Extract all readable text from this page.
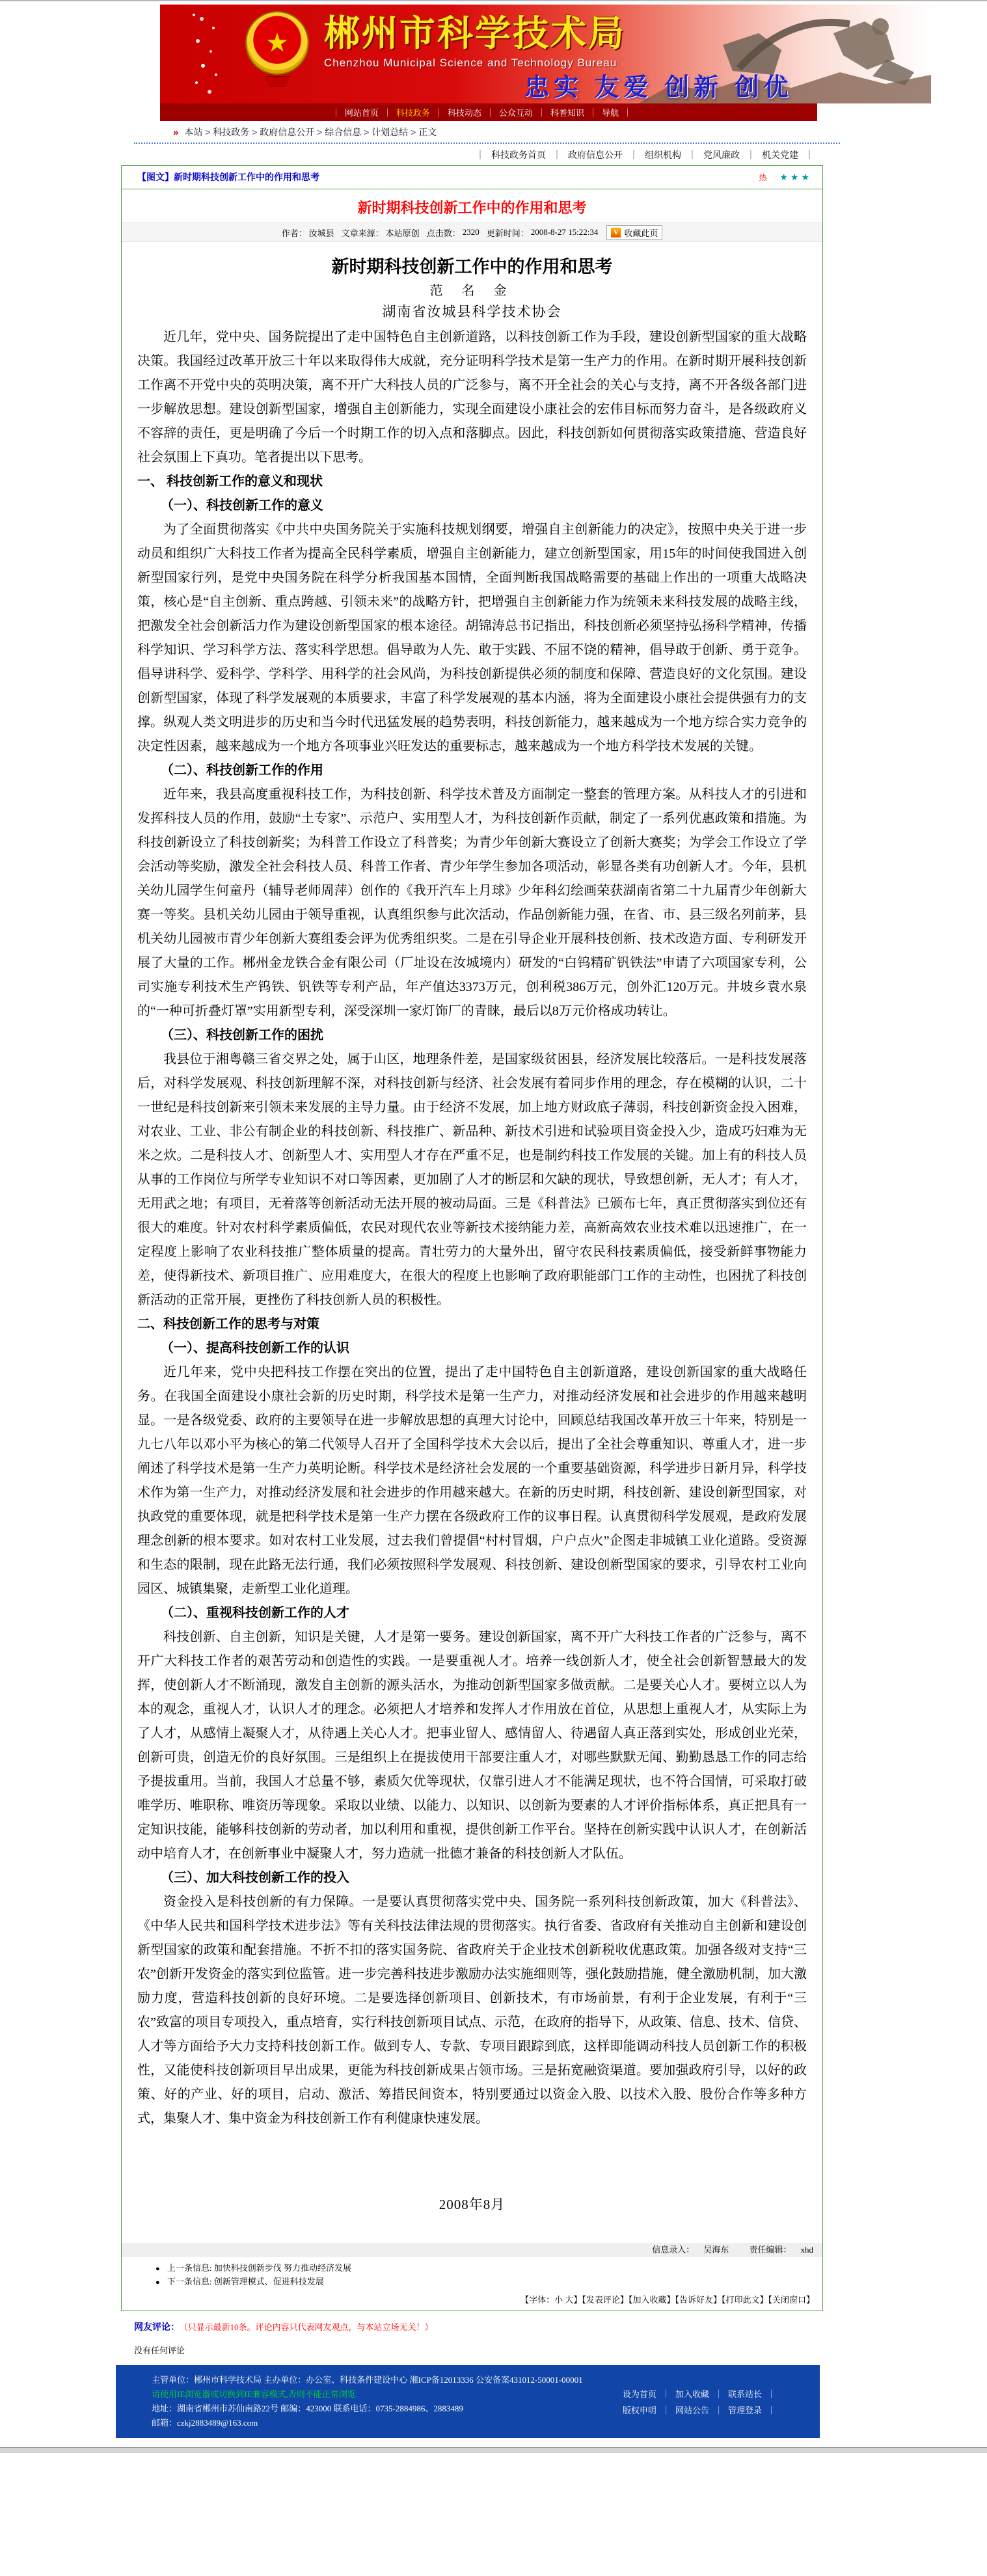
★ 郴州市科学技术局
Chenzhou Municipal Science and Technology Bureau
忠实 友爱 创新 创优
｜ 网站首页	｜ 科技政务	｜ 科技动态	｜ 公众互动	｜ 科普知识	｜ 导航 ｜
» 本站 > 科技政务 > 政府信息公开 > 综合信息 > 计划总结 > 正文
｜ 科技政务首页 ｜ 政府信息公开 ｜ 组织机构 ｜ 党风廉政 ｜ 机关党建 ｜
【图文】新时期科技创新工作中的作用和思考	热 ★★★
新时期科技创新工作中的作用和思考
作者： 汝城县 文章来源： 本站原创 点击数： 2320 更新时间： 2008-8-27 15:22:34	V 收藏此页
新时期科技创新工作中的作用和思考
范 名 金
湖南省汝城县科学技术协会
近几年，党中央、国务院提出了走中国特色自主创新道路，以科技创新工作为手段，建设创新型国家的重大战略决策。我国经过改革开放三十年以来取得伟大成就，充分证明科学技术是第一生产力的作用。在新时期开展科技创新工作离不开党中央的英明决策，离不开广大科技人员的广泛参与，离不开全社会的关心与支持，离不开各级各部门进一步解放思想。建设创新型国家，增强自主创新能力，实现全面建设小康社会的宏伟目标而努力奋斗，是各级政府义不容辞的责任，更是明确了今后一个时期工作的切入点和落脚点。因此，科技创新如何贯彻落实政策措施、营造良好社会氛围上下真功。笔者提出以下思考。
一、 科技创新工作的意义和现状
（一）、科技创新工作的意义
为了全面贯彻落实《中共中央国务院关于实施科技规划纲要，增强自主创新能力的决定》，按照中央关于进一步动员和组织广大科技工作者为提高全民科学素质，增强自主创新能力，建立创新型国家，用15年的时间使我国进入创新型国家行列，是党中央国务院在科学分析我国基本国情，全面判断我国战略需要的基础上作出的一项重大战略决策，核心是“自主创新、重点跨越、引领未来”的战略方针，把增强自主创新能力作为统领未来科技发展的战略主线，把激发全社会创新活力作为建设创新型国家的根本途径。胡锦涛总书记指出，科技创新必须坚持弘扬科学精神，传播科学知识、学习科学方法、落实科学思想。倡导敢为人先、敢于实践、不屈不饶的精神，倡导敢于创新、勇于竞争。倡导讲科学、爱科学、学科学、用科学的社会风尚，为科技创新提供必须的制度和保障、营造良好的文化氛围。建设创新型国家，体现了科学发展观的本质要求，丰富了科学发展观的基本内涵，将为全面建设小康社会提供强有力的支撑。纵观人类文明进步的历史和当今时代迅猛发展的趋势表明，科技创新能力，越来越成为一个地方综合实力竞争的决定性因素，越来越成为一个地方各项事业兴旺发达的重要标志，越来越成为一个地方科学技术发展的关键。
（二）、科技创新工作的作用
近年来，我县高度重视科技工作，为科技创新、科学技术普及方面制定一整套的管理方案。从科技人才的引进和发挥科技人员的作用，鼓励“土专家”、示范户、实用型人才，为科技创新作贡献，制定了一系列优惠政策和措施。为科技创新设立了科技创新奖；为科普工作设立了科普奖；为青少年创新大赛设立了创新大赛奖；为学会工作设立了学会活动等奖励，激发全社会科技人员、科普工作者、青少年学生参加各项活动，彰显各类有功创新人才。今年，县机关幼儿园学生何童丹（辅导老师周萍）创作的《我开汽车上月球》少年科幻绘画荣获湖南省第二十九届青少年创新大赛一等奖。县机关幼儿园由于领导重视，认真组织参与此次活动，作品创新能力强，在省、市、县三级名列前茅，县机关幼儿园被市青少年创新大赛组委会评为优秀组织奖。二是在引导企业开展科技创新、技术改造方面、专利研发开展了大量的工作。郴州金龙铁合金有限公司（厂址设在汝城境内）研发的“白钨精矿钒铁法”申请了六项国家专利，公司实施专利技术生产钨铁、钒铁等专利产品，年产值达3373万元，创利税386万元，创外汇120万元。井坡乡袁水泉的“一种可折叠灯罩”实用新型专利，深受深圳一家灯饰厂的青睐，最后以8万元价格成功转让。
（三）、科技创新工作的困扰
我县位于湘粤赣三省交界之处，属于山区，地理条件差，是国家级贫困县，经济发展比较落后。一是科技发展落后，对科学发展观、科技创新理解不深，对科技创新与经济、社会发展有着同步作用的理念，存在模糊的认识，二十一世纪是科技创新来引领未来发展的主导力量。由于经济不发展，加上地方财政底子薄弱，科技创新资金投入困难，对农业、工业、非公有制企业的科技创新、科技推广、新品种、新技术引进和试验项目资金投入少，造成巧妇难为无米之炊。二是科技人才、创新型人才、实用型人才存在严重不足，也是制约科技工作发展的关键。加上有的科技人员从事的工作岗位与所学专业知识不对口等因素，更加剧了人才的断层和欠缺的现状，导致想创新，无人才；有人才，无用武之地；有项目，无着落等创新活动无法开展的被动局面。三是《科普法》已颁布七年，真正贯彻落实到位还有很大的难度。针对农村科学素质偏低，农民对现代农业等新技术接纳能力差，高新高效农业技术难以迅速推广，在一定程度上影响了农业科技推广整体质量的提高。青壮劳力的大量外出，留守农民科技素质偏低，接受新鲜事物能力差，使得新技术、新项目推广、应用难度大，在很大的程度上也影响了政府职能部门工作的主动性，也困扰了科技创新活动的正常开展，更挫伤了科技创新人员的积极性。
二、科技创新工作的思考与对策
（一）、提高科技创新工作的认识
近几年来，党中央把科技工作摆在突出的位置，提出了走中国特色自主创新道路，建设创新国家的重大战略任务。在我国全面建设小康社会新的历史时期，科学技术是第一生产力，对推动经济发展和社会进步的作用越来越明显。一是各级党委、政府的主要领导在进一步解放思想的真理大讨论中，回顾总结我国改革开放三十年来，特别是一九七八年以邓小平为核心的第二代领导人召开了全国科学技术大会以后，提出了全社会尊重知识、尊重人才，进一步阐述了科学技术是第一生产力英明论断。科学技术是经济社会发展的一个重要基础资源，科学进步日新月异，科学技术作为第一生产力，对推动经济发展和社会进步的作用越来越大。在新的历史时期，科技创新、建设创新型国家，对执政党的重要体现，就是把科学技术是第一生产力摆在各级政府工作的议事日程。认真贯彻科学发展观，是政府发展理念创新的根本要求。如对农村工业发展，过去我们曾提倡“村村冒烟，户户点火”企图走非城镇工业化道路。受资源和生态的限制，现在此路无法行通，我们必须按照科学发展观、科技创新、建设创新型国家的要求，引导农村工业向园区、城镇集聚，走新型工业化道理。
（二）、重视科技创新工作的人才
科技创新、自主创新，知识是关键，人才是第一要务。建设创新国家，离不开广大科技工作者的广泛参与，离不开广大科技工作者的艰苦劳动和创造性的实践。一是要重视人才。培养一线创新人才，使全社会创新智慧最大的发挥，使创新人才不断涌现，激发自主创新的源头活水，为推动创新型国家多做贡献。二是要关心人才。要树立以人为本的观念，重视人才，认识人才的理念。必须把人才培养和发挥人才作用放在首位，从思想上重视人才，从实际上为了人才，从感情上凝聚人才，从待遇上关心人才。把事业留人、感情留人、待遇留人真正落到实处，形成创业光荣，创新可贵，创造无价的良好氛围。三是组织上在提拔使用干部要注重人才，对哪些默默无闻、勤勤恳恳工作的同志给予提拔重用。当前，我国人才总量不够，素质欠优等现状，仅靠引进人才不能满足现状，也不符合国情，可采取打破唯学历、唯职称、唯资历等现象。采取以业绩、以能力、以知识、以创新为要素的人才评价指标体系，真正把具有一定知识技能，能够科技创新的劳动者，加以利用和重视，提供创新工作平台。坚持在创新实践中认识人才，在创新活动中培育人才，在创新事业中凝聚人才，努力造就一批德才兼备的科技创新人才队伍。
（三）、加大科技创新工作的投入
资金投入是科技创新的有力保障。一是要认真贯彻落实党中央、国务院一系列科技创新政策，加大《科普法》、《中华人民共和国科学技术进步法》等有关科技法律法规的贯彻落实。执行省委、省政府有关推动自主创新和建设创新型国家的政策和配套措施。不折不扣的落实国务院、省政府关于企业技术创新税收优惠政策。加强各级对支持“三农”创新开发资金的落实到位监管。进一步完善科技进步激励办法实施细则等，强化鼓励措施，健全激励机制，加大激励力度，营造科技创新的良好环境。二是要选择创新项目、创新技术，有市场前景，有利于企业发展，有利于“三农”致富的项目专项投入，重点培育，实行科技创新项目试点、示范，在政府的指导下，从政策、信息、技术、信贷、人才等方面给予大力支持科技创新工作。做到专人、专款、专项目跟踪到底，这样即能调动科技人员创新工作的积极性，又能使科技创新项目早出成果，更能为科技创新成果占领市场。三是拓宽融资渠道。要加强政府引导，以好的政策、好的产业、好的项目，启动、激活、筹措民间资本，特别要通过以资金入股、以技术入股、股份合作等多种方式，集聚人才、集中资金为科技创新工作有利健康快速发展。
2008年8月
信息录入： 吴海东 责任编辑： xhd
● 上一条信息: 加快科技创新步伐 努力推动经济发展
● 下一条信息: 创新管理模式、促进科技发展
【字体：小 大】【发表评论】【加入收藏】【告诉好友】【打印此文】【关闭窗口】
网友评论： （只显示最新10条。评论内容只代表网友观点，与本站立场无关！）
没有任何评论
主管单位：郴州市科学技术局 主办单位：办公室、科技条件建设中心 湘ICP备12013336 公安备案431012-50001-00001
请使用IE浏览器或切换到IE兼容模式,否则不能正常浏览.
地址：湖南省郴州市苏仙南路22号 邮编：423000 联系电话：0735-2884986、2883489
邮箱：czkj2883489@163.com
设为首页 ｜ 加入收藏 ｜ 联系站长 ｜
版权申明 ｜ 网站公告 ｜ 管理登录 ｜
